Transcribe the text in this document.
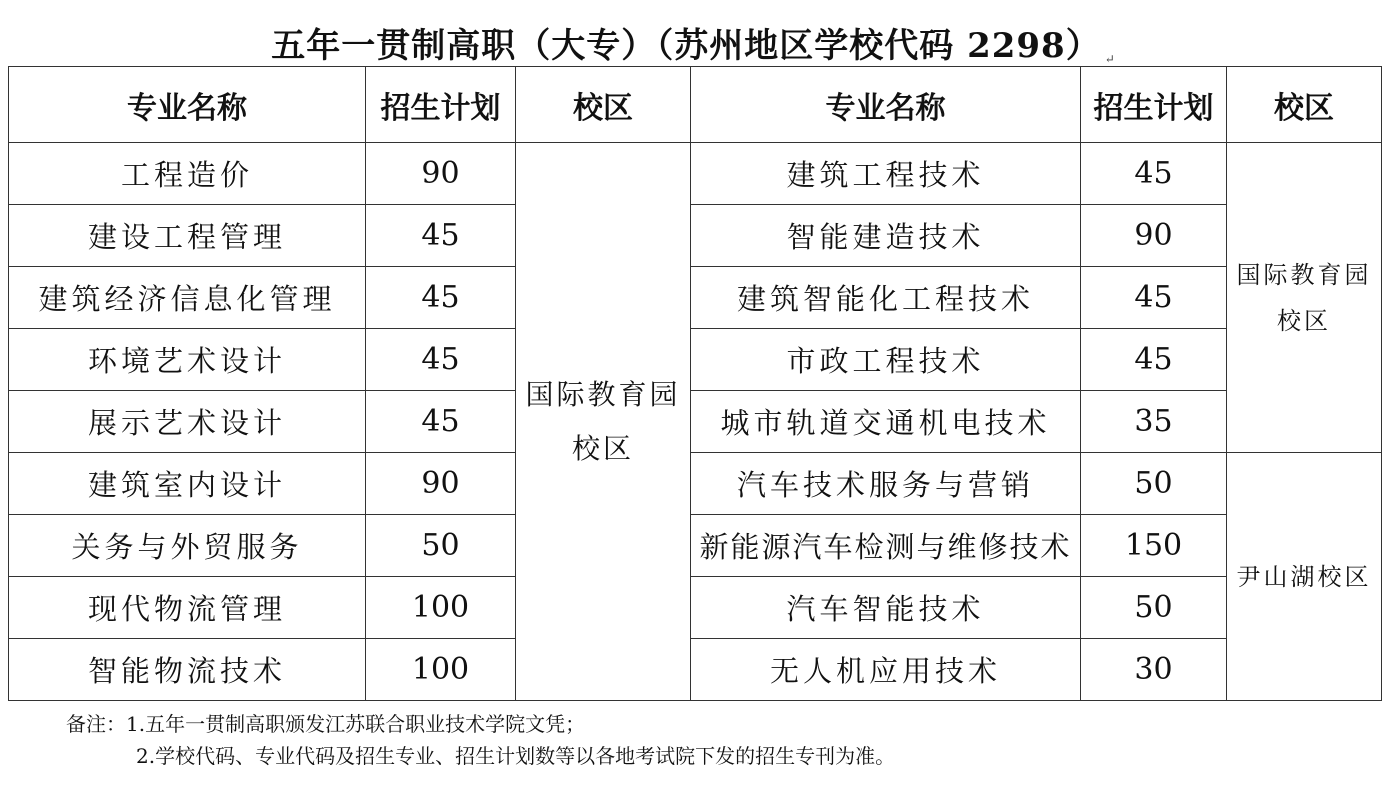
五年一贯制高职（大专）（苏州地区学校代码 2298） ↵
专业名称	招生计划	校区	专业名称	招生计划	校区
工程造价	90	国际教育园校区	建筑工程技术	45	国际教育园校区
建设工程管理	45		智能建造技术	90	
建筑经济信息化管理	45		建筑智能化工程技术	45	
环境艺术设计	45		市政工程技术	45	
展示艺术设计	45		城市轨道交通机电技术	35	
建筑室内设计	90		汽车技术服务与营销	50	尹山湖校区
关务与外贸服务	50		新能源汽车检测与维修技术	150	
现代物流管理	100		汽车智能技术	50	
智能物流技术	100		无人机应用技术	30	
备注：1.五年一贯制高职颁发江苏联合职业技术学院文凭；
2.学校代码、专业代码及招生专业、招生计划数等以各地考试院下发的招生专刊为准。
